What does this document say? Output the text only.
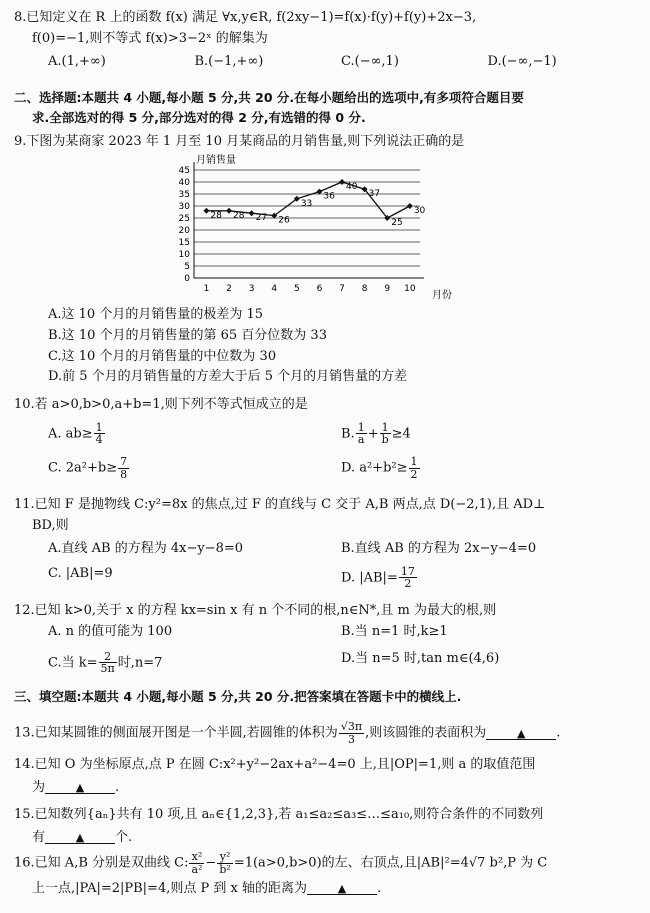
8.已知定义在 R 上的函数 f(x) 满足 ∀x,y∈R, f(2xy−1)=f(x)·f(y)+f(y)+2x−3,
f(0)=−1,则不等式 f(x)>3−2ˣ 的解集为
A.(1,+∞)	B.(−1,+∞)	C.(−∞,1)	D.(−∞,−1)
二、选择题:本题共 4 小题,每小题 5 分,共 20 分.在每小题给出的选项中,有多项符合题目要
求.全部选对的得 5 分,部分选对的得 2 分,有选错的得 0 分.
9.下图为某商家 2023 年 1 月至 10 月某商品的月销售量,则下列说法正确的是
0
5
10
15
20
25
30
35
40
45
1 2 3 4 5 6 7 8 9 10
28 28 27 26
33
36
40
37
25
30
月销售量
月份
A.这 10 个月的月销售量的极差为 15
B.这 10 个月的月销售量的第 65 百分位数为 33
C.这 10 个月的月销售量的中位数为 30
D.前 5 个月的月销售量的方差大于后 5 个月的月销售量的方差
10.若 a>0,b>0,a+b=1,则下列不等式恒成立的是
A. $ab\ge \frac{1}{4}$	B. $\frac{1}{a} + \frac{1}{b} \ge 4$
C. $2a^2+b\ge \frac{7}{8}$	D. $a^2+b^2\ge \frac{1}{2}$
11.已知 F 是抛物线 C:y²=8x 的焦点,过 F 的直线与 C 交于 A,B 两点,点 D(−2,1),且 AD⊥
BD,则
A.直线 AB 的方程为 4x−y−8=0	B.直线 AB 的方程为 2x−y−4=0
C. |AB|=9	D. $|AB|= \frac{17}{2}$
12.已知 k>0,关于 x 的方程 kx=sin x 有 n 个不同的根,n∈N*,且 m 为最大的根,则
A. n 的值可能为 100	B.当 n=1 时,k≥1
C.当 $k= \frac{2}{5\pi}$ 时,n=7	D.当 n=5 时,tan m∈(4,6)
三、填空题:本题共 4 小题,每小题 5 分,共 20 分.把答案填在答题卡中的横线上.
13.已知某圆锥的侧面展开图是一个半圆,若圆锥的体积为 $\frac{√3\pi}{3}$ ,则该圆锥的表面积为	▲ .
14.已知 O 为坐标原点,点 P 在圆 C:x²+y²−2ax+a²−4=0 上,且|OP|=1,则 a 的取值范围
为	▲ .
15.已知数列{aₙ}共有 10 项,且 aₙ∈{1,2,3},若 a₁≤a₂≤a₃≤…≤a₁₀,则符合条件的不同数列
有	▲ 个.
16.已知 A,B 分别是双曲线 C: $\frac{\text{x²}}{\text{a²}} - \frac{\text{y²}}{\text{b²}} =1(a>0,b>0)$的左、右顶点,且|AB|²=4√7 b²,P 为 C
上一点,|PA|=2|PB|=4,则点 P 到 x 轴的距离为	▲ .
